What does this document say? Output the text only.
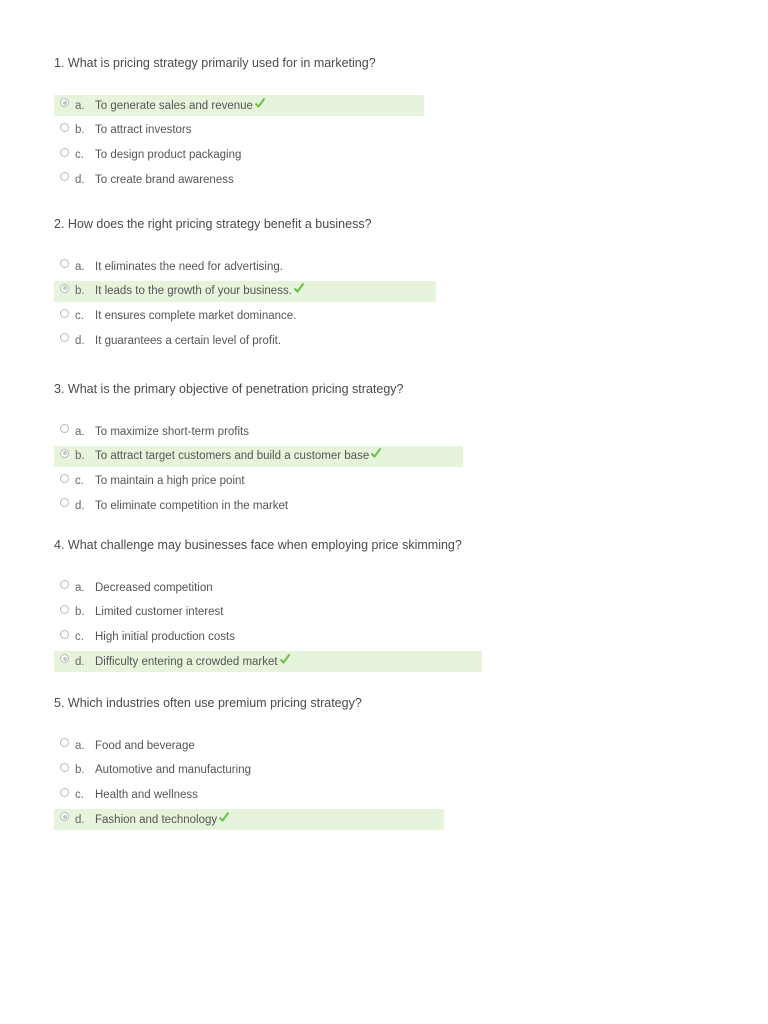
1. What is pricing strategy primarily used for in marketing?
a. To generate sales and revenue
b. To attract investors
c. To design product packaging
d. To create brand awareness
2. How does the right pricing strategy benefit a business?
a. It eliminates the need for advertising.
b. It leads to the growth of your business.
c. It ensures complete market dominance.
d. It guarantees a certain level of profit.
3. What is the primary objective of penetration pricing strategy?
a. To maximize short-term profits
b. To attract target customers and build a customer base
c. To maintain a high price point
d. To eliminate competition in the market
4. What challenge may businesses face when employing price skimming?
a. Decreased competition
b. Limited customer interest
c. High initial production costs
d. Difficulty entering a crowded market
5. Which industries often use premium pricing strategy?
a. Food and beverage
b. Automotive and manufacturing
c. Health and wellness
d. Fashion and technology
